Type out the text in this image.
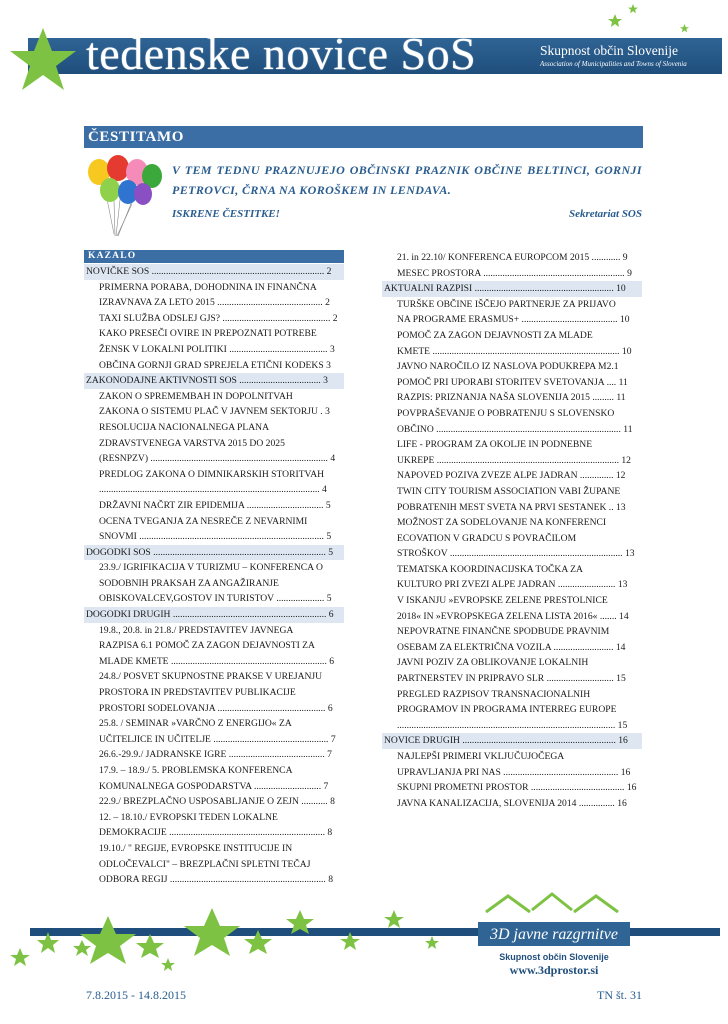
tedenske novice SoS	Skupnost občin Slovenije
Association of Municipalities and Towns of Slovenia
ČESTITAMO
V TEM TEDNU PRAZNUJEJO OBČINSKI PRAZNIK OBČINE BELTINCI, GORNJI PETROVCI, ČRNA NA KOROŠKEM IN LENDAVA.
ISKRENE ČESTITKE!	Sekretariat SOS
KAZALO
NOVIČKE SOS ........................................................................ 2
PRIMERNA PORABA, DOHODNINA IN FINANČNA
IZRAVNAVA ZA LETO 2015 ............................................ 2
TAXI SLUŽBA ODSLEJ GJS? ............................................. 2
KAKO PRESEČI OVIRE IN PREPOZNATI POTREBE
ŽENSK V LOKALNI POLITIKI ......................................... 3
OBČINA GORNJI GRAD SPREJELA ETIČNI KODEKS 3
ZAKONODAJNE AKTIVNOSTI SOS .................................. 3
ZAKON O SPREMEMBAH IN DOPOLNITVAH
ZAKONA O SISTEMU PLAČ V JAVNEM SEKTORJU . 3
RESOLUCIJA NACIONALNEGA PLANA
ZDRAVSTVENEGA VARSTVA 2015 DO 2025
(RESNPZV) .......................................................................... 4
PREDLOG ZAKONA O DIMNIKARSKIH STORITVAH
............................................................................................ 4
DRŽAVNI NAČRT ZIR EPIDEMIJA ................................ 5
OCENA TVEGANJA ZA NESREČE Z NEVARNIMI
SNOVMI ............................................................................. 5
DOGODKI SOS ........................................................................ 5
23.9./ IGRIFIKACIJA V TURIZMU – KONFERENCA O
SODOBNIH PRAKSAH ZA ANGAŽIRANJE
OBISKOVALCEV,GOSTOV IN TURISTOV .................... 5
DOGODKI DRUGIH ................................................................ 6
19.8., 20.8. in 21.8./ PREDSTAVITEV JAVNEGA
RAZPISA 6.1 POMOČ ZA ZAGON DEJAVNOSTI ZA
MLADE KMETE ................................................................. 6
24.8./ POSVET SKUPNOSTNE PRAKSE V UREJANJU
PROSTORA IN PREDSTAVITEV PUBLIKACIJE
PROSTORI SODELOVANJA ............................................. 6
25.8. / SEMINAR »VARČNO Z ENERGIJO« ZA
UČITELJICE IN UČITELJE ................................................ 7
26.6.-29.9./ JADRANSKE IGRE ........................................ 7
17.9. – 18.9./ 5. PROBLEMSKA KONFERENCA
KOMUNALNEGA GOSPODARSTVA ............................ 7
22.9./ BREZPLAČNO USPOSABLJANJE O ZEJN ........... 8
12. – 18.10./ EVROPSKI TEDEN LOKALNE
DEMOKRACIJE ................................................................. 8
19.10./ " REGIJE, EVROPSKE INSTITUCIJE IN
ODLOČEVALCI" – BREZPLAČNI SPLETNI TEČAJ
ODBORA REGIJ ................................................................. 8
21. in 22.10/ KONFERENCA EUROPCOM 2015 ............ 9
MESEC PROSTORA ........................................................... 9
AKTUALNI RAZPISI .......................................................... 10
TURŠKE OBČINE IŠČEJO PARTNERJE ZA PRIJAVO
NA PROGRAME ERASMUS+ ........................................ 10
POMOČ ZA ZAGON DEJAVNOSTI ZA MLADE
KMETE .............................................................................. 10
JAVNO NAROČILO IZ NASLOVA PODUKREPA M2.1
POMOČ PRI UPORABI STORITEV SVETOVANJA .... 11
RAZPIS: PRIZNANJA NAŠA SLOVENIJA 2015 ......... 11
POVPRAŠEVANJE O POBRATENJU S SLOVENSKO
OBČINO ............................................................................. 11
LIFE - PROGRAM ZA OKOLJE IN PODNEBNE
UKREPE ............................................................................ 12
NAPOVED POZIVA ZVEZE ALPE JADRAN .............. 12
TWIN CITY TOURISM ASSOCIATION VABI ŽUPANE
POBRATENIH MEST SVETA NA PRVI SESTANEK .. 13
MOŽNOST ZA SODELOVANJE NA KONFERENCI
ECOVATION V GRADCU S POVRAČILOM
STROŠKOV ........................................................................ 13
TEMATSKA KOORDINACIJSKA TOČKA ZA
KULTURO PRI ZVEZI ALPE JADRAN ........................ 13
V ISKANJU »EVROPSKE ZELENE PRESTOLNICE
2018« IN »EVROPSKEGA ZELENA LISTA 2016« ....... 14
NEPOVRATNE FINANČNE SPODBUDE PRAVNIM
OSEBAM ZA ELEKTRIČNA VOZILA ......................... 14
JAVNI POZIV ZA OBLIKOVANJE LOKALNIH
PARTNERSTEV IN PRIPRAVO SLR ............................ 15
PREGLED RAZPISOV TRANSNACIONALNIH
PROGRAMOV IN PROGRAMA INTERREG EUROPE
........................................................................................... 15
NOVICE DRUGIH ................................................................ 16
NAJLEPŠI PRIMERI VKLJUČUJOČEGA
UPRAVLJANJA PRI NAS ................................................ 16
SKUPNI PROMETNI PROSTOR ....................................... 16
JAVNA KANALIZACIJA, SLOVENIJA 2014 ............... 16
3D javne razgrnitve
Skupnost občin Slovenije
www.3dprostor.si
7.8.2015 - 14.8.2015	TN št. 31
